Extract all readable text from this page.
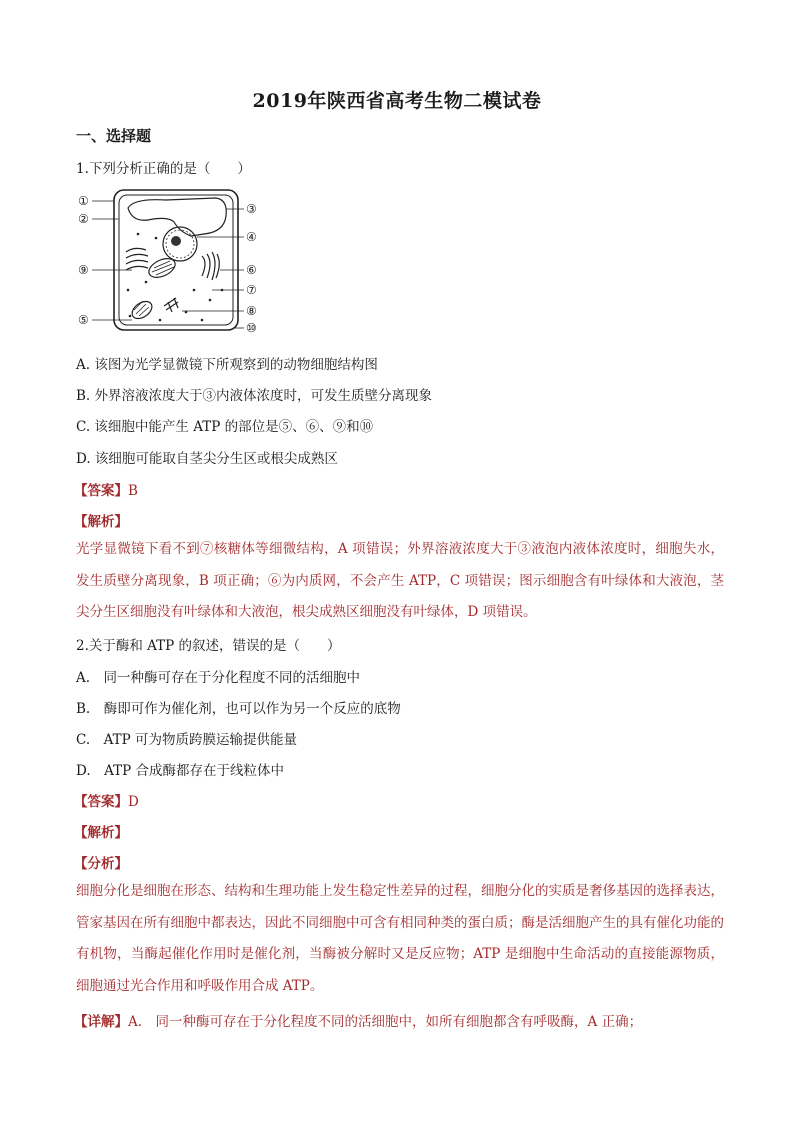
2019年陕西省高考生物二模试卷
一、选择题
1.下列分析正确的是（　　）
①
②
⑨
⑤
③
④
⑥
⑦
⑧
⑩
A. 该图为光学显微镜下所观察到的动物细胞结构图
B. 外界溶液浓度大于③内液体浓度时，可发生质壁分离现象
C. 该细胞中能产生 ATP 的部位是⑤、⑥、⑨和⑩
D. 该细胞可能取自茎尖分生区或根尖成熟区
【答案】B
【解析】
光学显微镜下看不到⑦核糖体等细微结构，A 项错误；外界溶液浓度大于③液泡内液体浓度时，细胞失水，发生质壁分离现象，B 项正确；⑥为内质网，不会产生 ATP，C 项错误；图示细胞含有叶绿体和大液泡，茎尖分生区细胞没有叶绿体和大液泡，根尖成熟区细胞没有叶绿体，D 项错误。
2.关于酶和 ATP 的叙述，错误的是（　　）
A.　同一种酶可存在于分化程度不同的活细胞中
B.　酶即可作为催化剂，也可以作为另一个反应的底物
C.　ATP 可为物质跨膜运输提供能量
D.　ATP 合成酶都存在于线粒体中
【答案】D
【解析】
【分析】
细胞分化是细胞在形态、结构和生理功能上发生稳定性差异的过程，细胞分化的实质是奢侈基因的选择表达，管家基因在所有细胞中都表达，因此不同细胞中可含有相同种类的蛋白质；酶是活细胞产生的具有催化功能的有机物，当酶起催化作用时是催化剂，当酶被分解时又是反应物；ATP 是细胞中生命活动的直接能源物质，细胞通过光合作用和呼吸作用合成 ATP。
【详解】A.　同一种酶可存在于分化程度不同的活细胞中，如所有细胞都含有呼吸酶，A 正确；
